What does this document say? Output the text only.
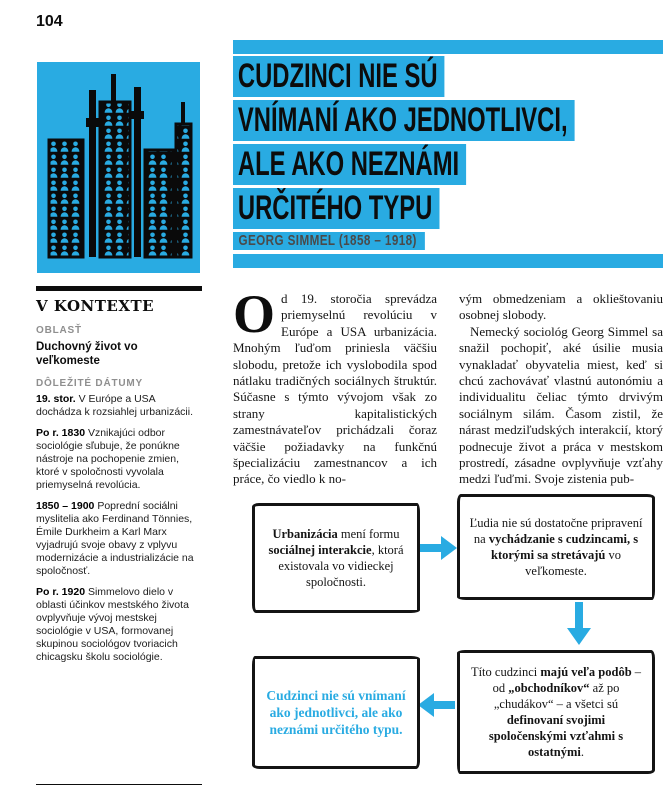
104
V KONTEXTE
OBLASŤ
Duchovný život vo veľkomeste
DÔLEŽITÉ DÁTUMY

19. stor. V Európe a USA dochádza k rozsiahlej urbanizácii.

Po r. 1830 Vznikajúci odbor sociológie sľubuje, že ponúkne nástroje na pochopenie zmien, ktoré v spoločnosti vyvolala priemyselná revolúcia.

1850 – 1900 Poprední sociálni myslitelia ako Ferdinand Tönnies, Émile Durkheim a Karl Marx vyjadrujú svoje obavy z vplyvu modernizácie a industrializácie na spoločnosť.

Po r. 1920 Simmelovo dielo v oblasti účinkov mestského života ovplyvňuje vývoj mestskej sociológie v USA, formovanej skupinou sociológov tvoriacich chicagsku školu sociológie.

CUDZINCI NIE SÚ
VNÍMANÍ AKO JEDNOTLIVCI,
ALE AKO NEZNÁMI
URČITÉHO TYPU
GEORG SIMMEL (1858 – 1918)
Od 19. storočia sprevádza priemyselnú revolúciu v Európe a USA urbanizácia. Mnohým ľuďom priniesla väčšiu slobodu, pretože ich vyslobodila spod nátlaku tradičných sociálnych štruktúr. Súčasne s týmto vývojom však zo strany kapitalistických zamestnávateľov prichádzali čoraz väčšie požiadavky na funkčnú špecializáciu zamestnancov a ich práce, čo viedlo k no-

vým obmedzeniam a oklieštovaniu osobnej slobody.

Nemecký sociológ Georg Simmel sa snažil pochopiť, aké úsilie musia vynakladať obyvatelia miest, keď si chcú zachovávať vlastnú autonómiu a individualitu čeliac týmto drvivým sociálnym silám. Časom zistil, že nárast medziľudských interakcií, ktorý podnecuje život a práca v mestskom prostredí, zásadne ovplyvňuje vzťahy medzi ľuďmi. Svoje zistenia pub-

Urbanizácia mení formu sociálnej interakcie, ktorá existovala vo vidieckej spoločnosti.
Ľudia nie sú dostatočne pripravení na vychádzanie s cudzincami, s ktorými sa stretávajú vo veľkomeste.
Títo cudzinci majú veľa podôb – od „obchodníkov“ až po „chudákov“ – a všetci sú definovaní svojimi spoločenskými vzťahmi s ostatnými.
Cudzinci nie sú vnímaní ako jednotlivci, ale ako neznámi určitého typu.
